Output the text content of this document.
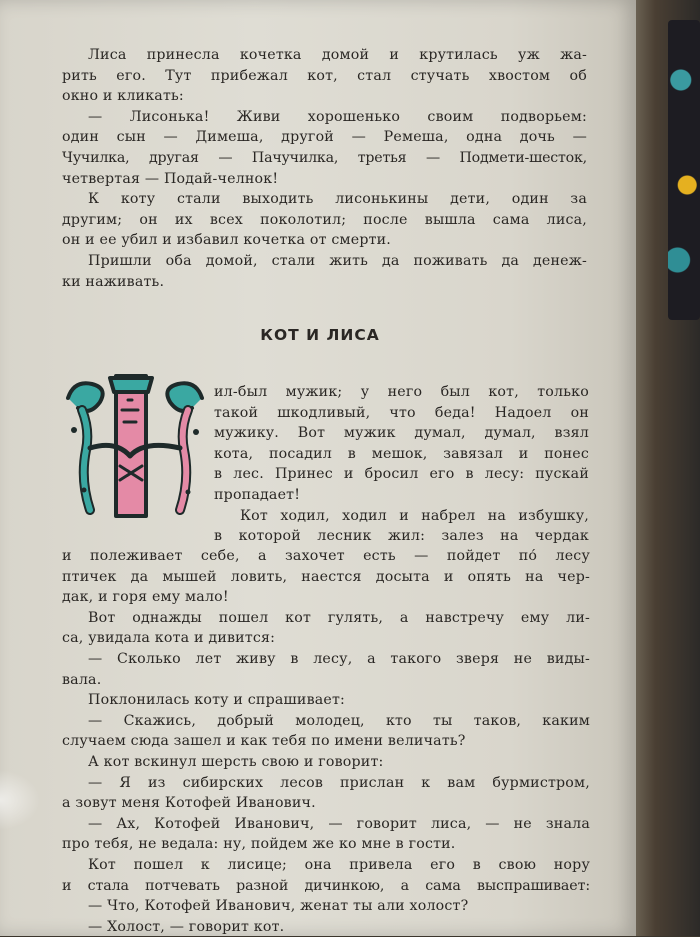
Лиса принесла кочетка домой и крутилась уж жа-
рить его. Тут прибежал кот, стал стучать хвостом об
окно и кликать:
— Лисонька! Живи хорошенько своим подворьем:
один сын — Димеша, другой — Ремеша, одна дочь —
Чучилка, другая — Пачучилка, третья — Подмети-шесток,
четвертая — Подай-челнок!
К коту стали выходить лисонькины дети, один за
другим; он их всех поколотил; после вышла сама лиса,
он и ее убил и избавил кочетка от смерти.
Пришли оба домой, стали жить да поживать да денеж-
ки наживать.
КОТ И ЛИСА
ил-был мужик; у него был кот, только
такой шкодливый, что беда! Надоел он
мужику. Вот мужик думал, думал, взял
кота, посадил в мешок, завязал и понес
в лес. Принес и бросил его в лесу: пускай
пропадает!
Кот ходил, ходил и набрел на избушку,
в которой лесник жил: залез на чердак
и полеживает себе, а захочет есть — пойдет по́ лесу
птичек да мышей ловить, наестся досыта и опять на чер-
дак, и горя ему мало!
Вот однажды пошел кот гулять, а навстречу ему ли-
са, увидала кота и дивится:
— Сколько лет живу в лесу, а такого зверя не виды-
вала.
Поклонилась коту и спрашивает:
— Скажись, добрый молодец, кто ты таков, каким
случаем сюда зашел и как тебя по имени величать?
А кот вскинул шерсть свою и говорит:
— Я из сибирских лесов прислан к вам бурмистром,
а зовут меня Котофей Иванович.
— Ах, Котофей Иванович, — говорит лиса, — не знала
про тебя, не ведала: ну, пойдем же ко мне в гости.
Кот пошел к лисице; она привела его в свою нору
и стала потчевать разной дичинкою, а сама выспрашивает:
— Что, Котофей Иванович, женат ты али холост?
— Холост, — говорит кот.
